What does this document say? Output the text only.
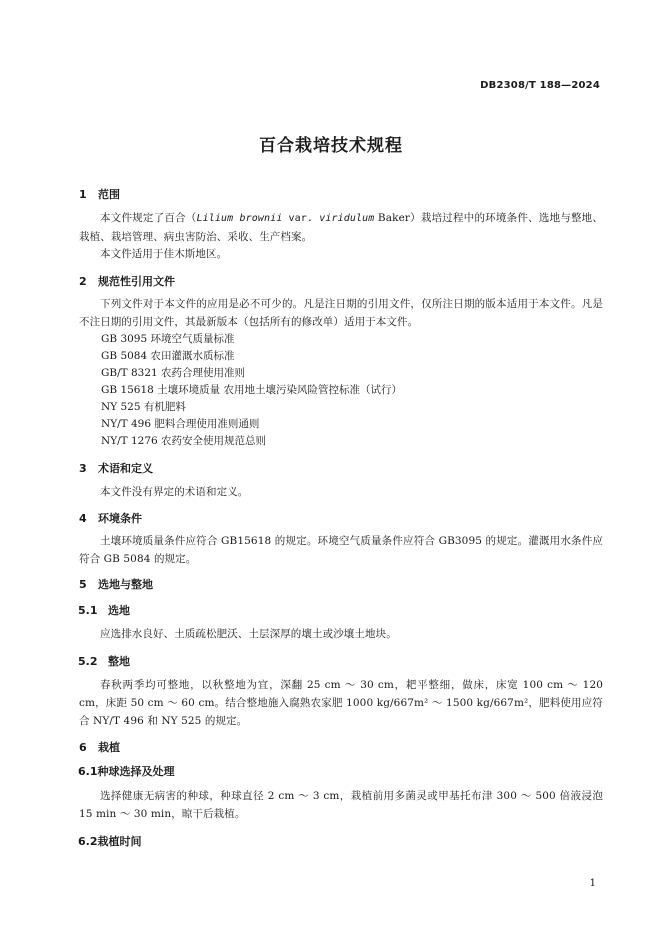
DB2308/T 188—2024
百合栽培技术规程
1 范围
本文件规定了百合（Lilium brownii var. viridulum Baker）栽培过程中的环境条件、选地与整地、栽植、栽培管理、病虫害防治、采收、生产档案。
本文件适用于佳木斯地区。
2 规范性引用文件
下列文件对于本文件的应用是必不可少的。凡是注日期的引用文件，仅所注日期的版本适用于本文件。凡是不注日期的引用文件，其最新版本（包括所有的修改单）适用于本文件。
GB 3095 环境空气质量标准
GB 5084 农田灌溉水质标准
GB/T 8321 农药合理使用准则
GB 15618 土壤环境质量 农用地土壤污染风险管控标准（试行）
NY 525 有机肥料
NY/T 496 肥料合理使用准则通则
NY/T 1276 农药安全使用规范总则
3 术语和定义
本文件没有界定的术语和定义。
4 环境条件
土壤环境质量条件应符合 GB15618 的规定。环境空气质量条件应符合 GB3095 的规定。灌溉用水条件应符合 GB 5084 的规定。
5 选地与整地
5.1 选地
应选排水良好、土质疏松肥沃、土层深厚的壤土或沙壤土地块。
5.2 整地
春秋两季均可整地，以秋整地为宜，深翻 25 cm ～ 30 cm，耙平整细，做床，床宽 100 cm ～ 120 cm，床距 50 cm ～ 60 cm。结合整地施入腐熟农家肥 1000 kg/667m² ～ 1500 kg/667m²，肥料使用应符合 NY/T 496 和 NY 525 的规定。
6 栽植
6.1种球选择及处理
选择健康无病害的种球，种球直径 2 cm ～ 3 cm，栽植前用多菌灵或甲基托布津 300 ～ 500 倍液浸泡 15 min ～ 30 min，晾干后栽植。
6.2栽植时间
1
